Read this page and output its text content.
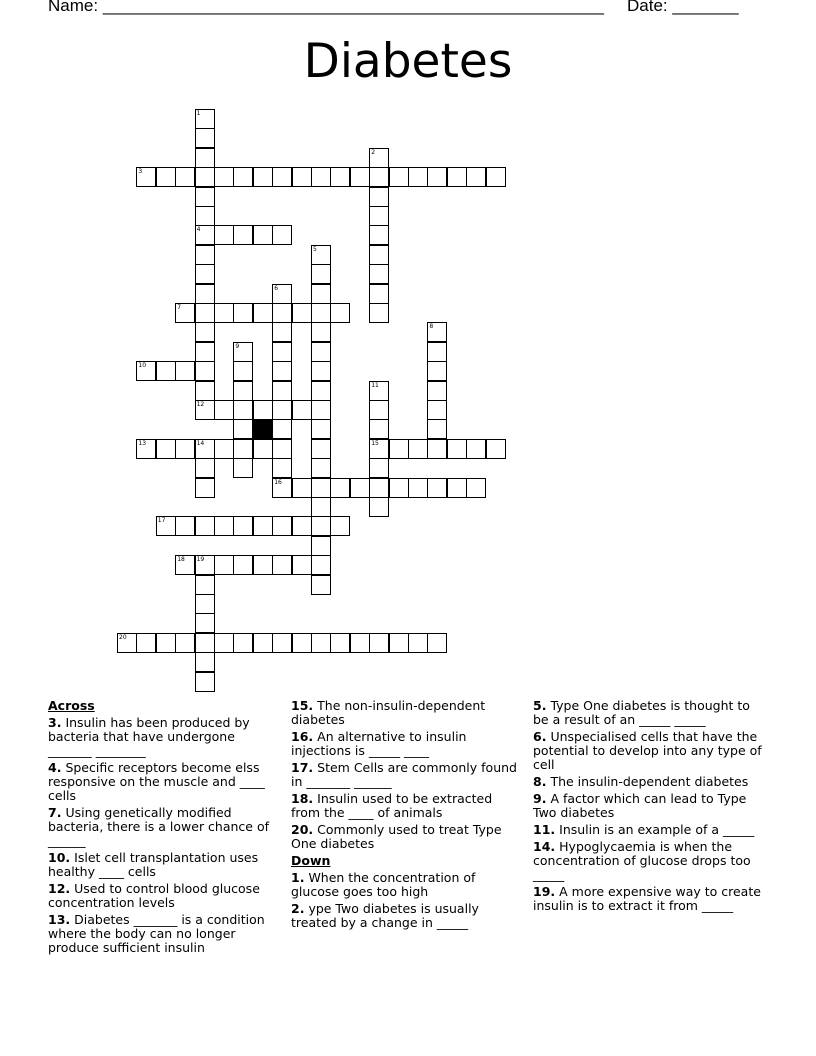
Name: _____________________________________________________ Date: _______
Diabetes
1
4
2
3
5
6
7
8
9
10
11
15
12
13	14
16
17
18 19
20
Across
3. Insulin has been produced by bacteria that have undergone _______ ________
4. Specific receptors become elss responsive on the muscle and ____ cells
7. Using genetically modified bacteria, there is a lower chance of ______
10. Islet cell transplantation uses healthy ____ cells
12. Used to control blood glucose concentration levels
13. Diabetes _______ is a condition where the body can no longer produce sufficient insulin
15. The non-insulin-dependent diabetes
16. An alternative to insulin injections is _____ ____
17. Stem Cells are commonly found in _______ ______
18. Insulin used to be extracted from the ____ of animals
20. Commonly used to treat Type One diabetes
Down
1. When the concentration of glucose goes too high
2. ype Two diabetes is usually treated by a change in _____
5. Type One diabetes is thought to be a result of an _____ _____
6. Unspecialised cells that have the potential to develop into any type of cell
8. The insulin-dependent diabetes
9. A factor which can lead to Type Two diabetes
11. Insulin is an example of a _____
14. Hypoglycaemia is when the concentration of glucose drops too _____
19. A more expensive way to create insulin is to extract it from _____
